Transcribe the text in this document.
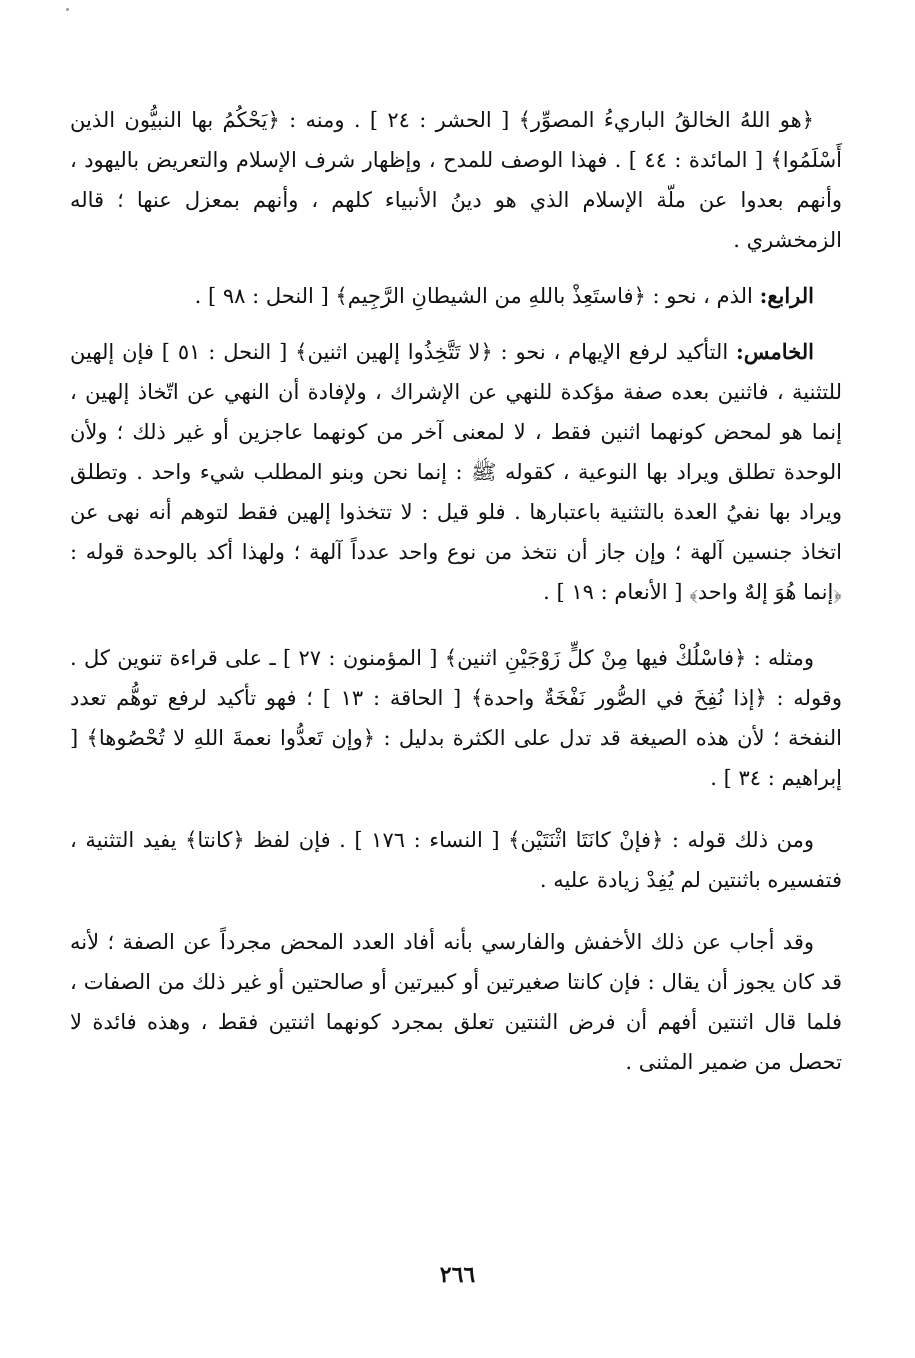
﴿هو اللهُ الخالقُ الباريءُ المصوِّر﴾ [ الحشر : ٢٤ ] . ومنه : ﴿يَحْكُمُ بها النبيُّون الذين أَسْلَمُوا﴾ [ المائدة : ٤٤ ] . فهذا الوصف للمدح ، وإظهار شرف الإسلام والتعريض باليهود ، وأنهم بعدوا عن ملّة الإسلام الذي هو دينُ الأنبياء كلهم ، وأنهم بمعزل عنها ؛ قاله الزمخشري .

الرابع: الذم ، نحو : ﴿فاستَعِذْ باللهِ من الشيطانِ الرَّجِيم﴾ [ النحل : ٩٨ ] .

الخامس: التأكيد لرفع الإيهام ، نحو : ﴿لا تَتَّخِذُوا إلهين اثنين﴾ [ النحل : ٥١ ] فإن إلهين للتثنية ، فاثنين بعده صفة مؤكدة للنهي عن الإشراك ، ولإفادة أن النهي عن اتّخاذ إلهين ، إنما هو لمحض كونهما اثنين فقط ، لا لمعنى آخر من كونهما عاجزين أو غير ذلك ؛ ولأن الوحدة تطلق ويراد بها النوعية ، كقوله ﷺ : إنما نحن وبنو المطلب شيء واحد . وتطلق ويراد بها نفيُ العدة بالتثنية باعتبارها . فلو قيل : لا تتخذوا إلهين فقط لتوهم أنه نهى عن اتخاذ جنسين آلهة ؛ وإن جاز أن نتخذ من نوع واحد عدداً آلهة ؛ ولهذا أكد بالوحدة قوله : ﴿إنما هُوَ إلهٌ واحد﴾ [ الأنعام : ١٩ ] .

ومثله : ﴿فاسْلُكْ فيها مِنْ كلٍّ زَوْجَيْنِ اثنين﴾ [ المؤمنون : ٢٧ ] ـ على قراءة تنوين كل . وقوله : ﴿إذا نُفِخَ في الصُّور نَفْخَةٌ واحدة﴾ [ الحاقة : ١٣ ] ؛ فهو تأكيد لرفع توهُّم تعدد النفخة ؛ لأن هذه الصيغة قد تدل على الكثرة بدليل : ﴿وإن تَعدُّوا نعمةَ اللهِ لا تُحْصُوها﴾ [ إبراهيم : ٣٤ ] .

ومن ذلك قوله : ﴿فإنْ كانَتَا اثْنَتَيْن﴾ [ النساء : ١٧٦ ] . فإن لفظ ﴿كانتا﴾ يفيد التثنية ، فتفسيره باثنتين لم يُفِدْ زيادة عليه .

وقد أجاب عن ذلك الأخفش والفارسي بأنه أفاد العدد المحض مجرداً عن الصفة ؛ لأنه قد كان يجوز أن يقال : فإن كانتا صغيرتين أو كبيرتين أو صالحتين أو غير ذلك من الصفات ، فلما قال اثنتين أفهم أن فرض الثنتين تعلق بمجرد كونهما اثنتين فقط ، وهذه فائدة لا تحصل من ضمير المثنى .

٢٦٦
